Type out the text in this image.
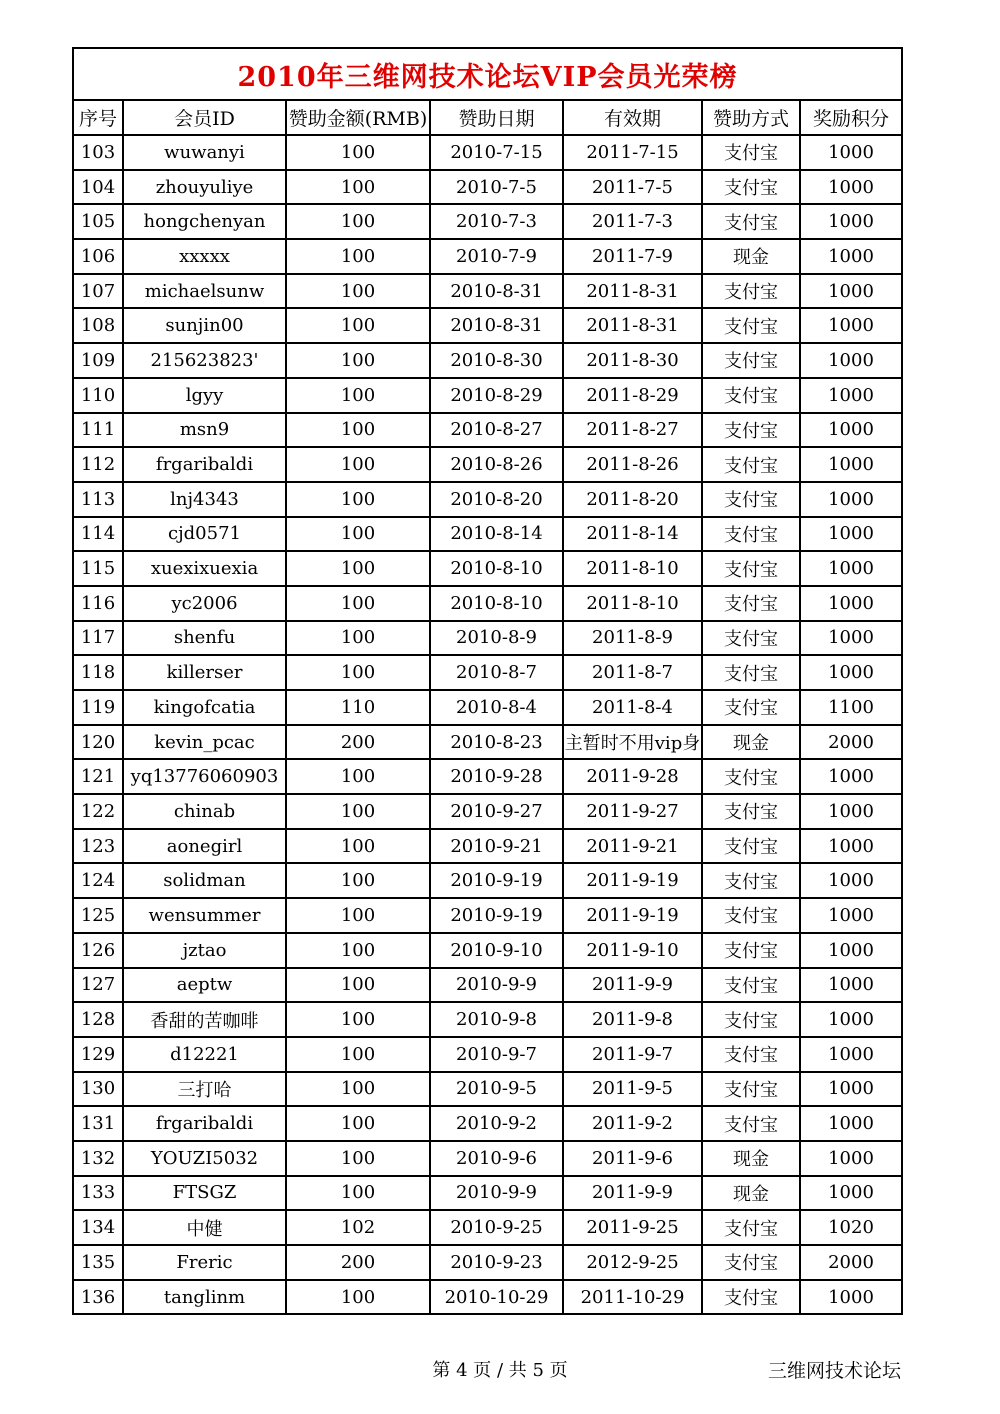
2010年三维网技术论坛VIP会员光荣榜						
序号	会员ID	赞助金额(RMB)	赞助日期	有效期	赞助方式	奖励积分
103	wuwanyi	100	2010-7-15	2011-7-15	支付宝	1000
104	zhouyuliye	100	2010-7-5	2011-7-5	支付宝	1000
105	hongchenyan	100	2010-7-3	2011-7-3	支付宝	1000
106	xxxxx	100	2010-7-9	2011-7-9	现金	1000
107	michaelsunw	100	2010-8-31	2011-8-31	支付宝	1000
108	sunjin00	100	2010-8-31	2011-8-31	支付宝	1000
109	215623823'	100	2010-8-30	2011-8-30	支付宝	1000
110	lgyy	100	2010-8-29	2011-8-29	支付宝	1000
111	msn9	100	2010-8-27	2011-8-27	支付宝	1000
112	frgaribaldi	100	2010-8-26	2011-8-26	支付宝	1000
113	lnj4343	100	2010-8-20	2011-8-20	支付宝	1000
114	cjd0571	100	2010-8-14	2011-8-14	支付宝	1000
115	xuexixuexia	100	2010-8-10	2011-8-10	支付宝	1000
116	yc2006	100	2010-8-10	2011-8-10	支付宝	1000
117	shenfu	100	2010-8-9	2011-8-9	支付宝	1000
118	killerser	100	2010-8-7	2011-8-7	支付宝	1000
119	kingofcatia	110	2010-8-4	2011-8-4	支付宝	1100
120	kevin_pcac	200	2010-8-23	主暂时不用vip身	现金	2000
121	yq13776060903	100	2010-9-28	2011-9-28	支付宝	1000
122	chinab	100	2010-9-27	2011-9-27	支付宝	1000
123	aonegirl	100	2010-9-21	2011-9-21	支付宝	1000
124	solidman	100	2010-9-19	2011-9-19	支付宝	1000
125	wensummer	100	2010-9-19	2011-9-19	支付宝	1000
126	jztao	100	2010-9-10	2011-9-10	支付宝	1000
127	aeptw	100	2010-9-9	2011-9-9	支付宝	1000
128	香甜的苦咖啡	100	2010-9-8	2011-9-8	支付宝	1000
129	d12221	100	2010-9-7	2011-9-7	支付宝	1000
130	三打哈	100	2010-9-5	2011-9-5	支付宝	1000
131	frgaribaldi	100	2010-9-2	2011-9-2	支付宝	1000
132	YOUZI5032	100	2010-9-6	2011-9-6	现金	1000
133	FTSGZ	100	2010-9-9	2011-9-9	现金	1000
134	中健	102	2010-9-25	2011-9-25	支付宝	1020
135	Freric	200	2010-9-23	2012-9-25	支付宝	2000
136	tanglinm	100	2010-10-29	2011-10-29	支付宝	1000
第 4 页 / 共 5 页	三维网技术论坛
